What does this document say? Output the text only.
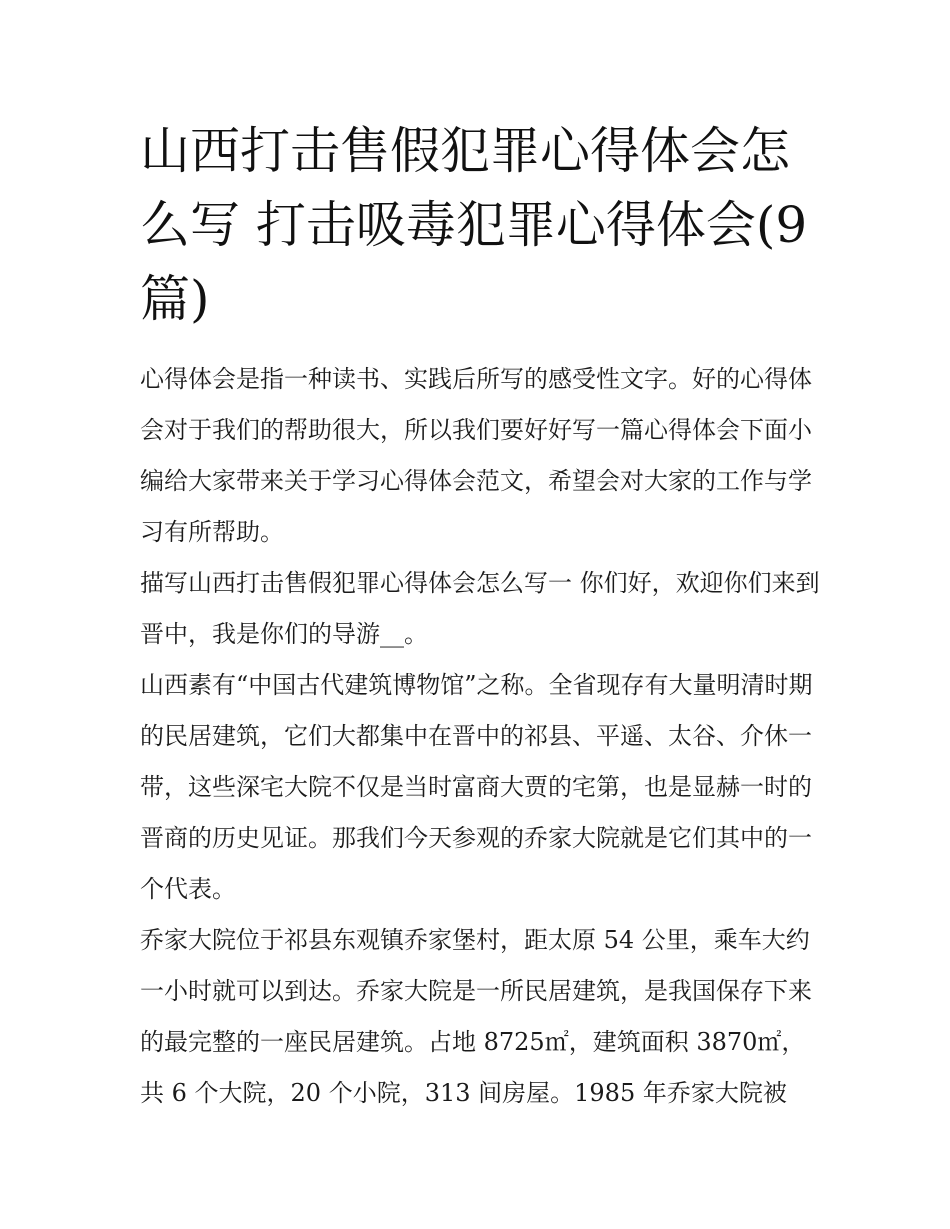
山西打击售假犯罪心得体会怎么写 打击吸毒犯罪心得体会(9篇)

心得体会是指一种读书、实践后所写的感受性文字。好的心得体会对于我们的帮助很大，所以我们要好好写一篇心得体会下面小编给大家带来关于学习心得体会范文，希望会对大家的工作与学习有所帮助。

描写山西打击售假犯罪心得体会怎么写一 你们好，欢迎你们来到晋中，我是你们的导游__。

山西素有“中国古代建筑博物馆”之称。全省现存有大量明清时期的民居建筑，它们大都集中在晋中的祁县、平遥、太谷、介休一带，这些深宅大院不仅是当时富商大贾的宅第，也是显赫一时的晋商的历史见证。那我们今天参观的乔家大院就是它们其中的一个代表。

乔家大院位于祁县东观镇乔家堡村，距太原 54 公里，乘车大约一小时就可以到达。乔家大院是一所民居建筑，是我国保存下来的最完整的一座民居建筑。占地 8725㎡，建筑面积 3870㎡，共 6 个大院，20 个小院，313 间房屋。1985 年乔家大院被
